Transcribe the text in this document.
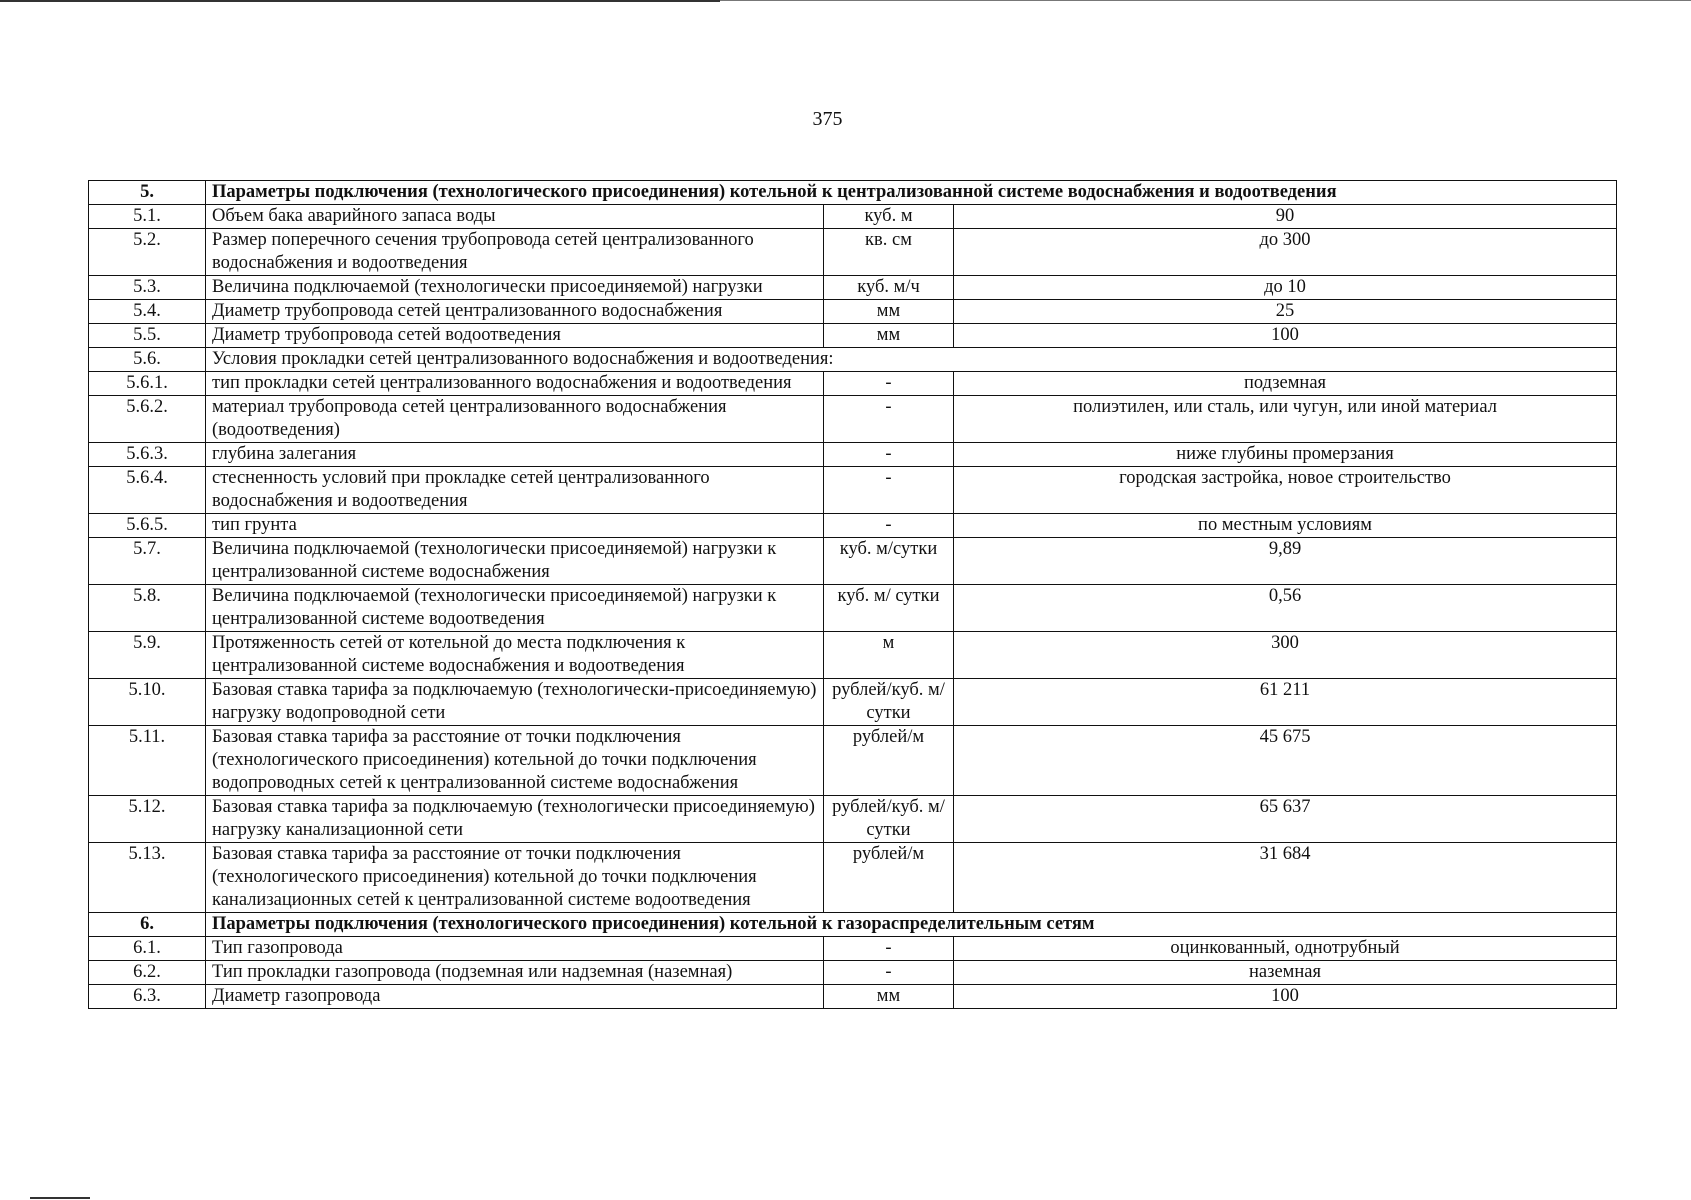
375
5.	Параметры подключения (технологического присоединения) котельной к централизованной системе водоснабжения и водоотведения		
5.1.	Объем бака аварийного запаса воды	куб. м	90
5.2.	Размер поперечного сечения трубопровода сетей централизованного водоснабжения и водоотведения	кв. см	до 300
5.3.	Величина подключаемой (технологически присоединяемой) нагрузки	куб. м/ч	до 10
5.4.	Диаметр трубопровода сетей централизованного водоснабжения	мм	25
5.5.	Диаметр трубопровода сетей водоотведения	мм	100
5.6.	Условия прокладки сетей централизованного водоснабжения и водоотведения:		
5.6.1.	тип прокладки сетей централизованного водоснабжения и водоотведения	-	подземная
5.6.2.	материал трубопровода сетей централизованного водоснабжения (водоотведения)	-	полиэтилен, или сталь, или чугун, или иной материал
5.6.3.	глубина залегания	-	ниже глубины промерзания
5.6.4.	стесненность условий при прокладке сетей централизованного водоснабжения и водоотведения	-	городская застройка, новое строительство
5.6.5.	тип грунта	-	по местным условиям
5.7.	Величина подключаемой (технологически присоединяемой) нагрузки к централизованной системе водоснабжения	куб. м/сутки	9,89
5.8.	Величина подключаемой (технологически присоединяемой) нагрузки к централизованной системе водоотведения	куб. м/ сутки	0,56
5.9.	Протяженность сетей от котельной до места подключения к централизованной системе водоснабжения и водоотведения	м	300
5.10.	Базовая ставка тарифа за подключаемую (технологически-присоединяемую) нагрузку водопроводной сети	рублей/куб. м/сутки	61 211
5.11.	Базовая ставка тарифа за расстояние от точки подключения (технологического присоединения) котельной до точки подключения водопроводных сетей к централизованной системе водоснабжения	рублей/м	45 675
5.12.	Базовая ставка тарифа за подключаемую (технологически присоединяемую) нагрузку канализационной сети	рублей/куб. м/сутки	65 637
5.13.	Базовая ставка тарифа за расстояние от точки подключения (технологического присоединения) котельной до точки подключения канализационных сетей к централизованной системе водоотведения	рублей/м	31 684
6.	Параметры подключения (технологического присоединения) котельной к газораспределительным сетям		
6.1.	Тип газопровода	-	оцинкованный, однотрубный
6.2.	Тип прокладки газопровода (подземная или надземная (наземная)	-	наземная
6.3.	Диаметр газопровода	мм	100
